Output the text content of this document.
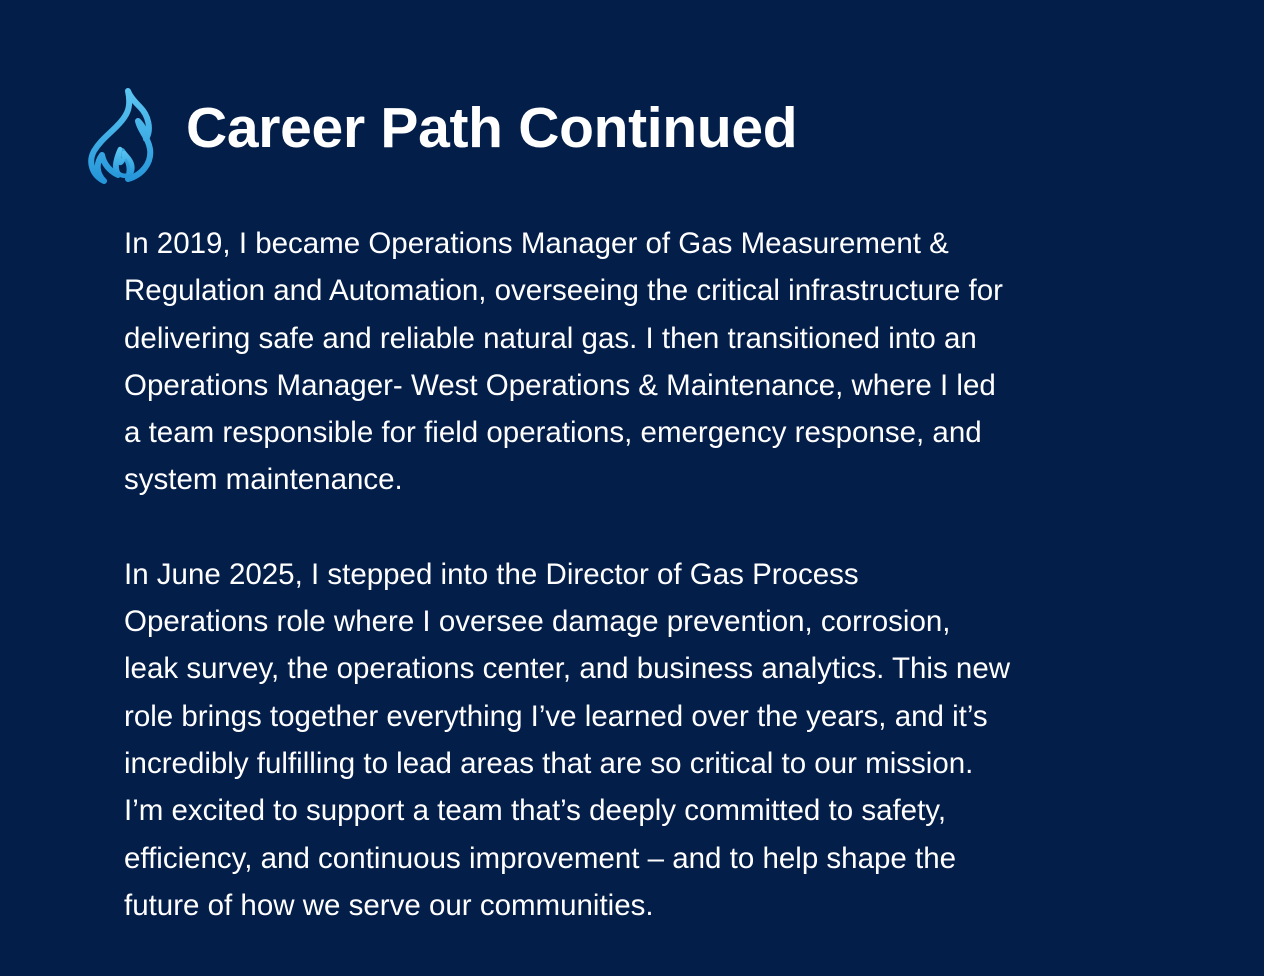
Career Path Continued

In 2019, I became Operations Manager of Gas Measurement &
Regulation and Automation, overseeing the critical infrastructure for
delivering safe and reliable natural gas. I then transitioned into an
Operations Manager- West Operations & Maintenance, where I led
a team responsible for field operations, emergency response, and
system maintenance.

In June 2025, I stepped into the Director of Gas Process
Operations role where I oversee damage prevention, corrosion,
leak survey, the operations center, and business analytics. This new
role brings together everything I’ve learned over the years, and it’s
incredibly fulfilling to lead areas that are so critical to our mission.
I’m excited to support a team that’s deeply committed to safety,
efficiency, and continuous improvement – and to help shape the
future of how we serve our communities.
